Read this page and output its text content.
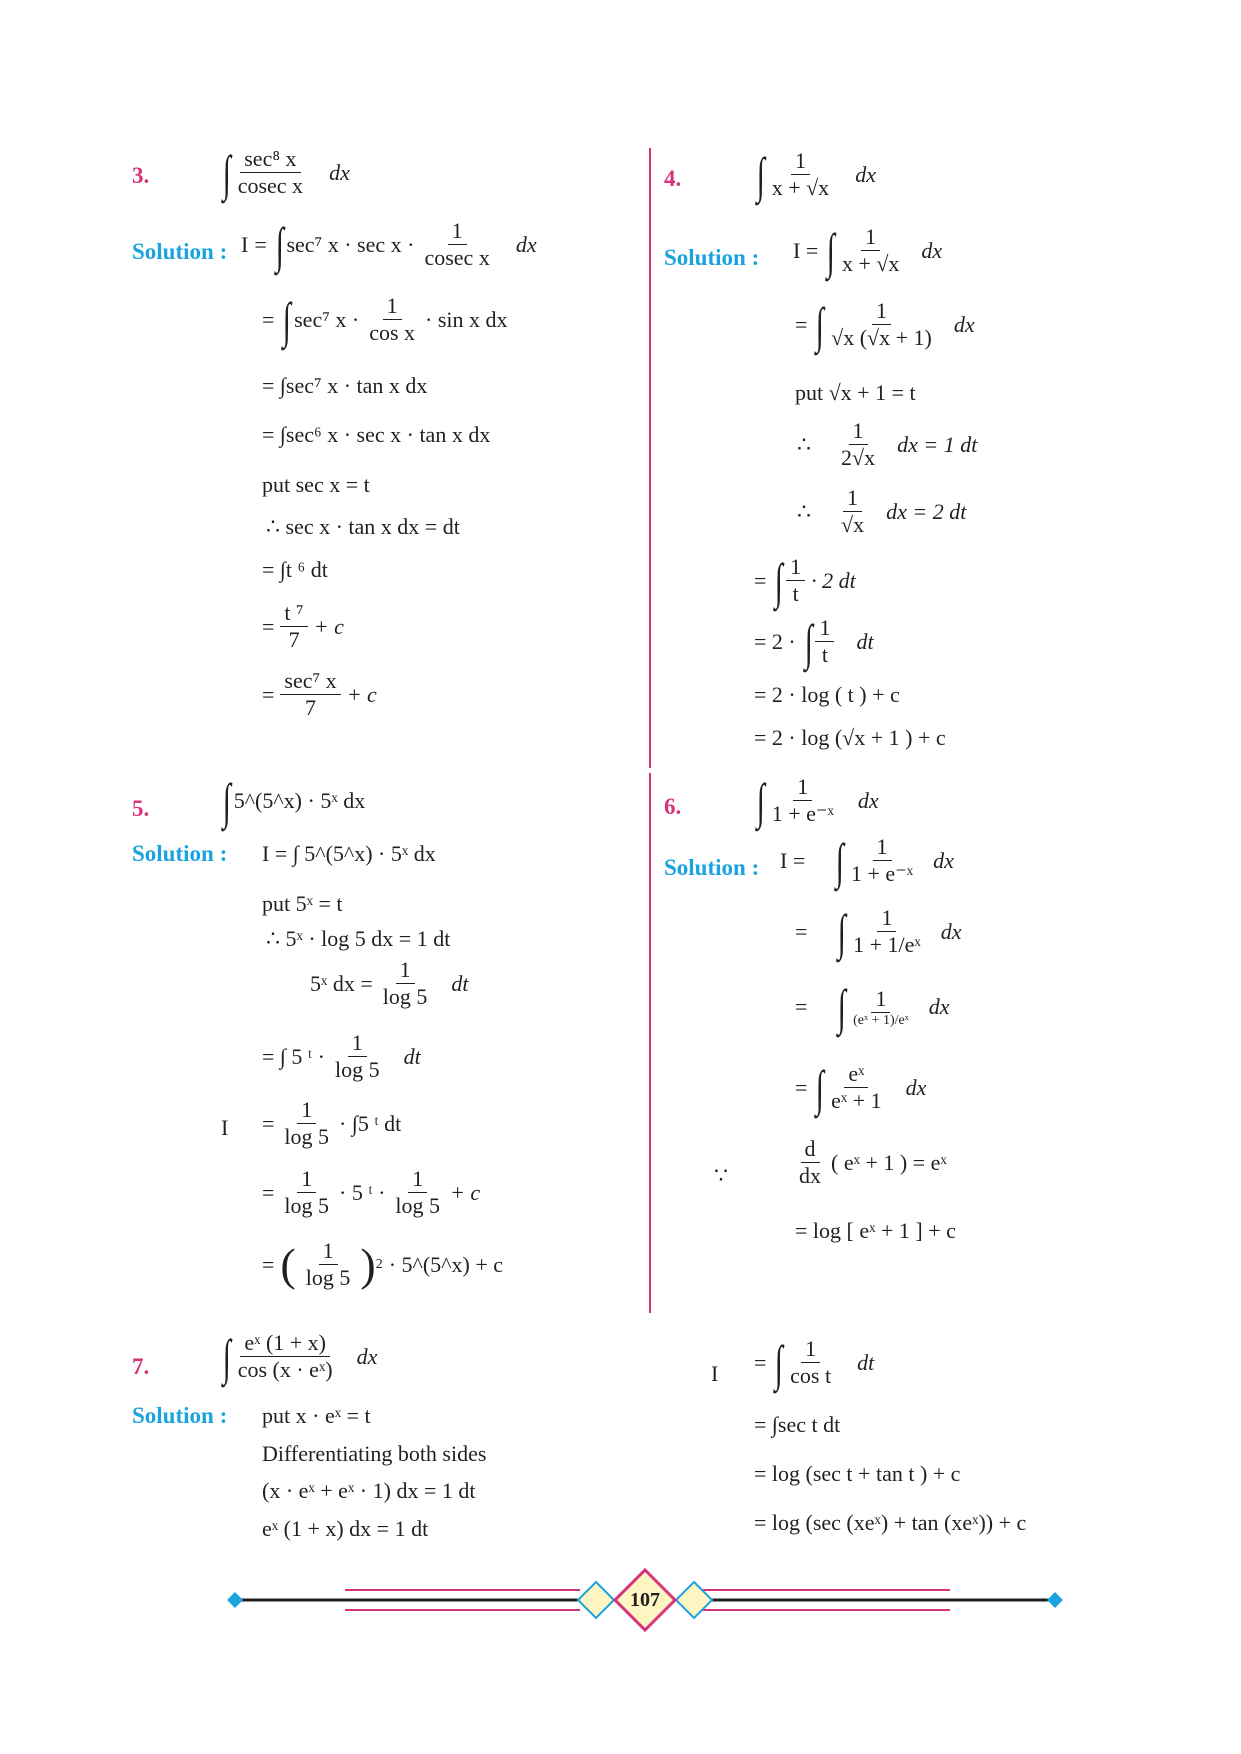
3. ∫ $\frac{\text{sec⁸ x}}{\text{cosec x}}$ dx
Solution : I = ∫ sec⁷ $x \cdot \sec x \cdot \frac{1}{\text{cosec x}}$ dx
= ∫ sec⁷ $x \cdot \frac{1}{\text{cos x}} \cdot \sin x$ dx
= ∫sec⁷ x · tan x dx
= ∫sec⁶ x · sec x · tan x dx
put sec x = t
∴ sec x · tan x dx = dt
= ∫t ⁶ dt
= $\frac{\text{t ⁷}}{7} + c$
= $\frac{\text{sec⁷ x}}{7} + c$
4. ∫ $\frac{1}{x + √x}$ dx
Solution : I = ∫ $\frac{1}{x + √x}$ dx
= ∫ $\frac{1}{√x (√x + 1)}$ dx
put √x + 1 = t
∴ $\frac{1}{2√x}$ dx = 1 dt
∴ $\frac{1}{√x}$ dx = 2 dt
= ∫ $\frac{1}{t} \cdot 2$ dt
= 2 · ∫ $\frac{1}{t}$ dt
= 2 · log ( t ) + c
= 2 · log (√x + 1 ) + c
5. ∫ 5^(5^x) · 5ˣ dx
Solution : I = ∫ 5^(5^x) · 5ˣ dx
put 5ˣ = t
∴ 5ˣ · log 5 dx = 1 dt
5ˣ dx = $\frac{1}{\log 5}$ dt
= ∫ 5 ᵗ · $\frac{1}{\log 5}$ dt
$I = \frac{1}{\log 5} \cdot \int 5$ ᵗ dt
= $\frac{1}{\log 5} \cdot 5$ ᵗ · $\frac{1}{\log 5} + c$
= ( $\frac{1}{\log 5} )^2$ · 5^(5^x) + c
6. ∫ $\frac{1}{\text{1 + e⁻ˣ}}$ dx
Solution : I = ∫ $\frac{1}{\text{1 + e⁻ˣ}}$ dx
= ∫ $\frac{1}{\text{1 + 1/eˣ}}$ dx
= ∫ $\frac{1}{\text{(eˣ + 1)/eˣ}}$ dx
= ∫ $\frac{\text{eˣ}}{\text{eˣ + 1}}$ dx
∵	$\frac{d}{dx}$ ( eˣ + 1 ) = eˣ
= log [ eˣ + 1 ] + c
7. ∫ $\frac{\text{eˣ (1 + x)}}{\text{cos (x · eˣ)}}$ dx
Solution : put x · eˣ = t
Differentiating both sides
(x · eˣ + eˣ · 1) dx = 1 dt
eˣ (1 + x) dx = 1 dt
I = ∫ $\frac{1}{\text{cos t}}$ dt
= ∫sec t dt
= log (sec t + tan t ) + c
= log (sec (xeˣ) + tan (xeˣ)) + c
107
